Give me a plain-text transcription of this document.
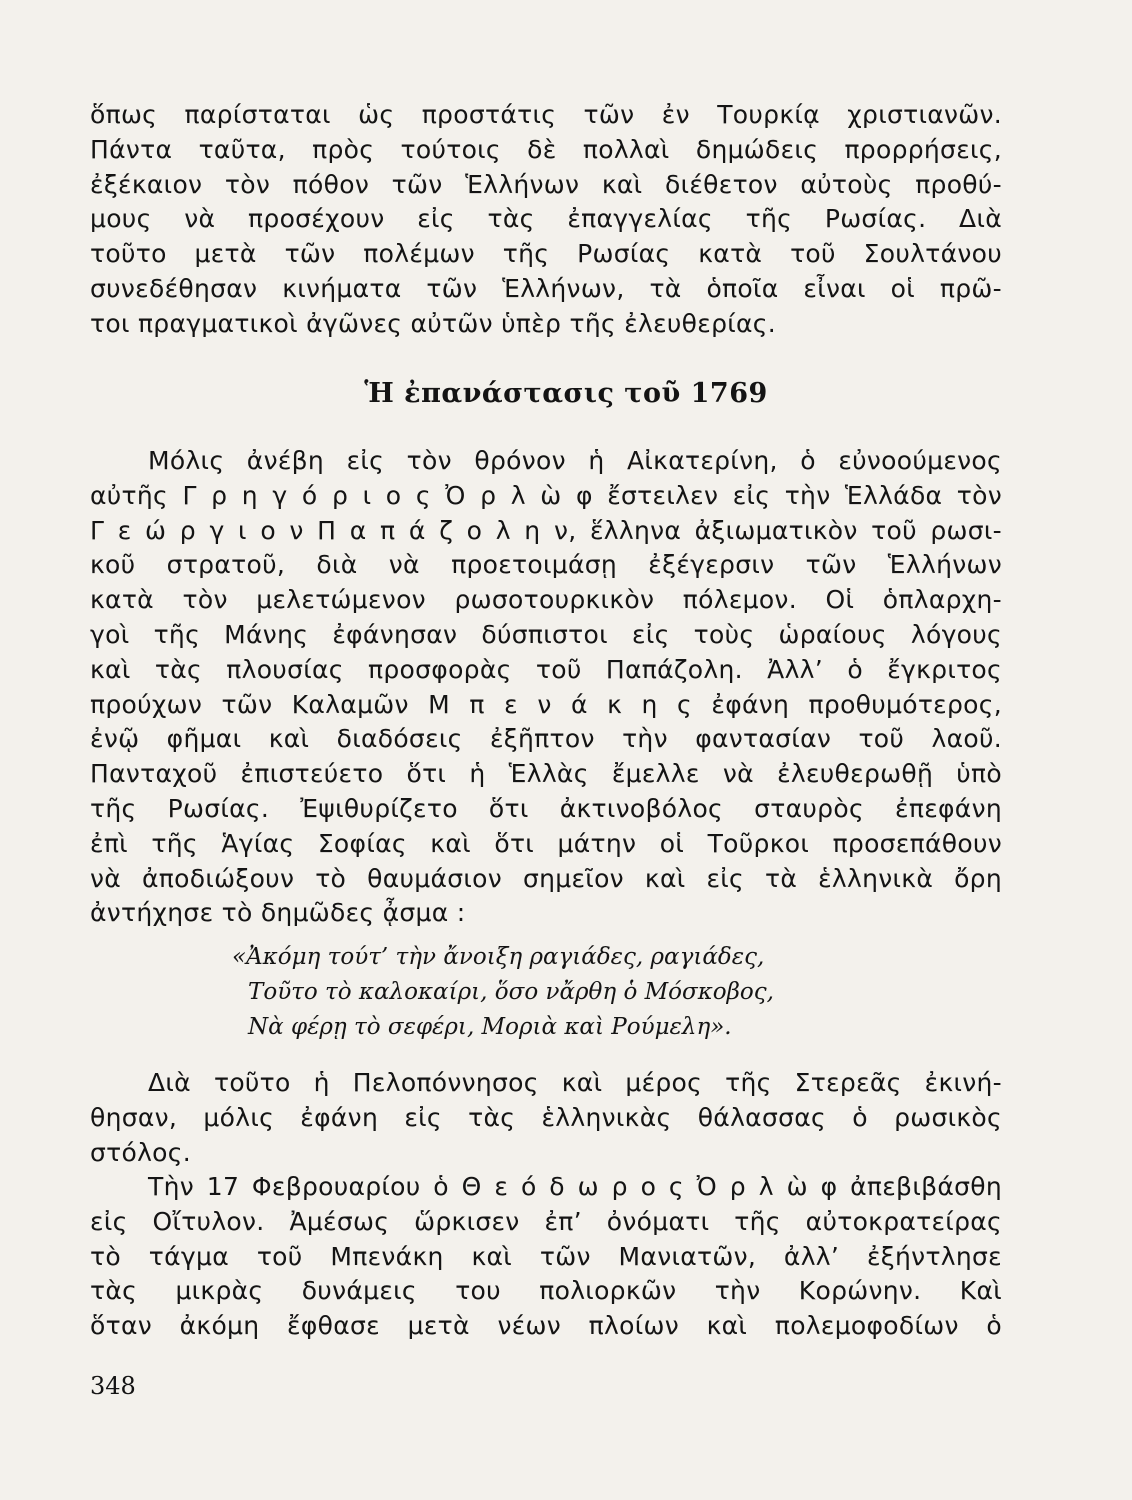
ὅπως παρίσταται ὡς προστάτις τῶν ἐν Τουρκίᾳ χριστιανῶν.
Πάντα ταῦτα, πρὸς τούτοις δὲ πολλαὶ δημώδεις προρρήσεις,
ἐξέκαιον τὸν πόθον τῶν Ἑλλήνων καὶ διέθετον αὐτοὺς προθύ-
μους νὰ προσέχουν εἰς τὰς ἐπαγγελίας τῆς Ρωσίας. Διὰ
τοῦτο μετὰ τῶν πολέμων τῆς Ρωσίας κατὰ τοῦ Σουλτάνου
συνεδέθησαν κινήματα τῶν Ἑλλήνων, τὰ ὁποῖα εἶναι οἱ πρῶ-
τοι πραγματικοὶ ἀγῶνες αὐτῶν ὑπὲρ τῆς ἐλευθερίας.
Ἡ ἐπανάστασις τοῦ 1769
Μόλις ἀνέβη εἰς τὸν θρόνον ἡ Αἰκατερίνη, ὁ εὐνοούμενος
αὐτῆς Γ ρ η γ ό ρ ι ο ς Ὀ ρ λ ὼ φ ἔστειλεν εἰς τὴν Ἑλλάδα τὸν
Γ ε ώ ρ γ ι ο ν Π α π ά ζ ο λ η ν, ἕλληνα ἀξιωματικὸν τοῦ ρωσι-
κοῦ στρατοῦ, διὰ νὰ προετοιμάσῃ ἐξέγερσιν τῶν Ἑλλήνων
κατὰ τὸν μελετώμενον ρωσοτουρκικὸν πόλεμον. Οἱ ὁπλαρχη-
γοὶ τῆς Μάνης ἐφάνησαν δύσπιστοι εἰς τοὺς ὡραίους λόγους
καὶ τὰς πλουσίας προσφορὰς τοῦ Παπάζολη. Ἀλλ’ ὁ ἔγκριτος
προύχων τῶν Καλαμῶν Μ π ε ν ά κ η ς ἐφάνη προθυμότερος,
ἐνῷ φῆμαι καὶ διαδόσεις ἐξῆπτον τὴν φαντασίαν τοῦ λαοῦ.
Πανταχοῦ ἐπιστεύετο ὅτι ἡ Ἑλλὰς ἔμελλε νὰ ἐλευθερωθῇ ὑπὸ
τῆς Ρωσίας. Ἐψιθυρίζετο ὅτι ἀκτινοβόλος σταυρὸς ἐπεφάνη
ἐπὶ τῆς Ἁγίας Σοφίας καὶ ὅτι μάτην οἱ Τοῦρκοι προσεπάθουν
νὰ ἀποδιώξουν τὸ θαυμάσιον σημεῖον καὶ εἰς τὰ ἑλληνικὰ ὄρη
ἀντήχησε τὸ δημῶδες ᾆσμα :
«Ἀκόμη τούτ’ τὴν ἄνοιξη ραγιάδες, ραγιάδες,
Τοῦτο τὸ καλοκαίρι, ὅσο νἄρθη ὁ Μόσκοβος,
Νὰ φέρῃ τὸ σεφέρι, Μοριὰ καὶ Ρούμελη».
Διὰ τοῦτο ἡ Πελοπόννησος καὶ μέρος τῆς Στερεᾶς ἐκινή-
θησαν, μόλις ἐφάνη εἰς τὰς ἑλληνικὰς θάλασσας ὁ ρωσικὸς
στόλος.
Τὴν 17 Φεβρουαρίου ὁ Θ ε ό δ ω ρ ο ς Ὀ ρ λ ὼ φ ἀπεβιβάσθη
εἰς Οἴτυλον. Ἀμέσως ὥρκισεν ἐπ’ ὀνόματι τῆς αὐτοκρατείρας
τὸ τάγμα τοῦ Μπενάκη καὶ τῶν Μανιατῶν, ἀλλ’ ἐξήντλησε
τὰς μικρὰς δυνάμεις του πολιορκῶν τὴν Κορώνην. Καὶ
ὅταν ἀκόμη ἔφθασε μετὰ νέων πλοίων καὶ πολεμοφοδίων ὁ
348
